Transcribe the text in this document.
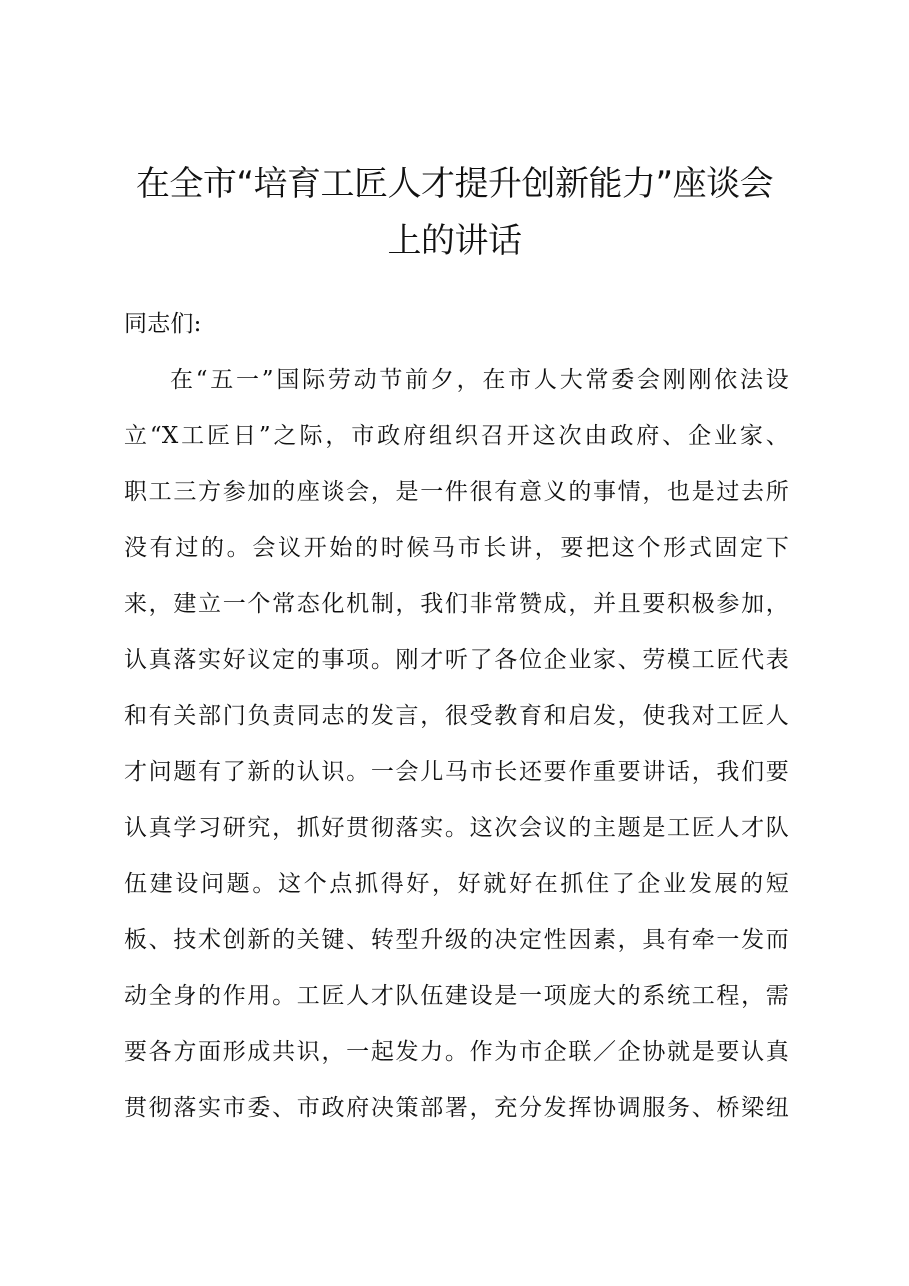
在全市“培育工匠人才提升创新能力”座谈会
上的讲话
同志们:
在“五一”国际劳动节前夕，在市人大常委会刚刚依法设
立“X工匠日”之际，市政府组织召开这次由政府、企业家、
职工三方参加的座谈会，是一件很有意义的事情，也是过去所
没有过的。会议开始的时候马市长讲，要把这个形式固定下
来，建立一个常态化机制，我们非常赞成，并且要积极参加，
认真落实好议定的事项。刚才听了各位企业家、劳模工匠代表
和有关部门负责同志的发言，很受教育和启发，使我对工匠人
才问题有了新的认识。一会儿马市长还要作重要讲话，我们要
认真学习研究，抓好贯彻落实。这次会议的主题是工匠人才队
伍建设问题。这个点抓得好，好就好在抓住了企业发展的短
板、技术创新的关键、转型升级的决定性因素，具有牵一发而
动全身的作用。工匠人才队伍建设是一项庞大的系统工程，需
要各方面形成共识，一起发力。作为市企联／企协就是要认真
贯彻落实市委、市政府决策部署，充分发挥协调服务、桥梁纽
